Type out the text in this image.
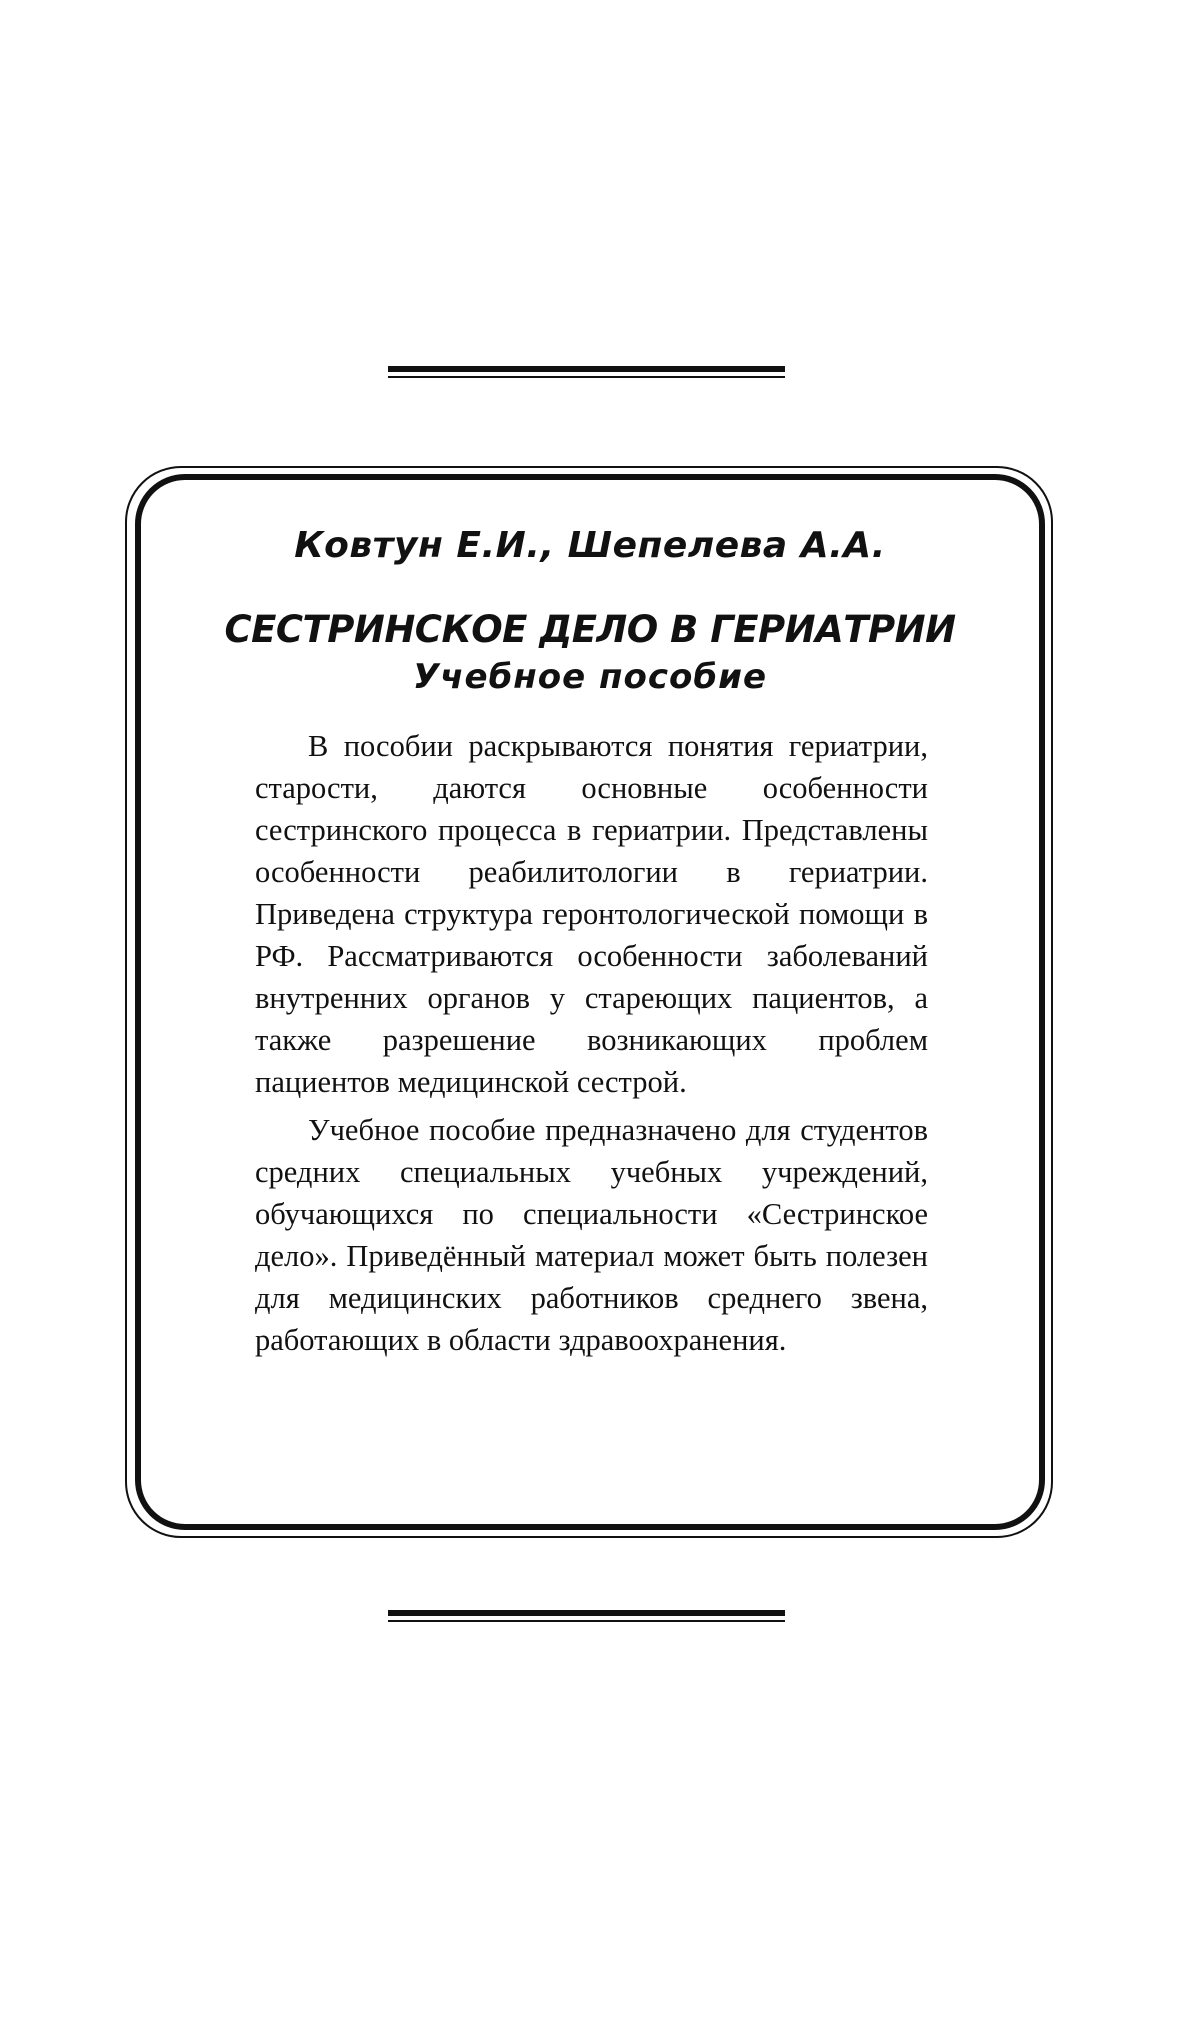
Ковтун Е.И., Шепелева А.А.
СЕСТРИНСКОЕ ДЕЛО В ГЕРИАТРИИ
Учебное пособие

В пособии раскрываются понятия гериатрии, старости, даются основные особенности сестринского процесса в гериатрии. Представлены особенности реабилитологии в гериатрии. Приведена структура геронтологической помощи в РФ. Рассматриваются особенности заболеваний внутренних органов у стареющих пациентов, а также разрешение возникающих проблем пациентов медицинской сестрой.

Учебное пособие предназначено для студентов средних специальных учебных учреждений, обучающихся по специальности «Сестринское дело». Приведённый материал может быть полезен для медицинских работников среднего звена, работающих в области здравоохранения.
